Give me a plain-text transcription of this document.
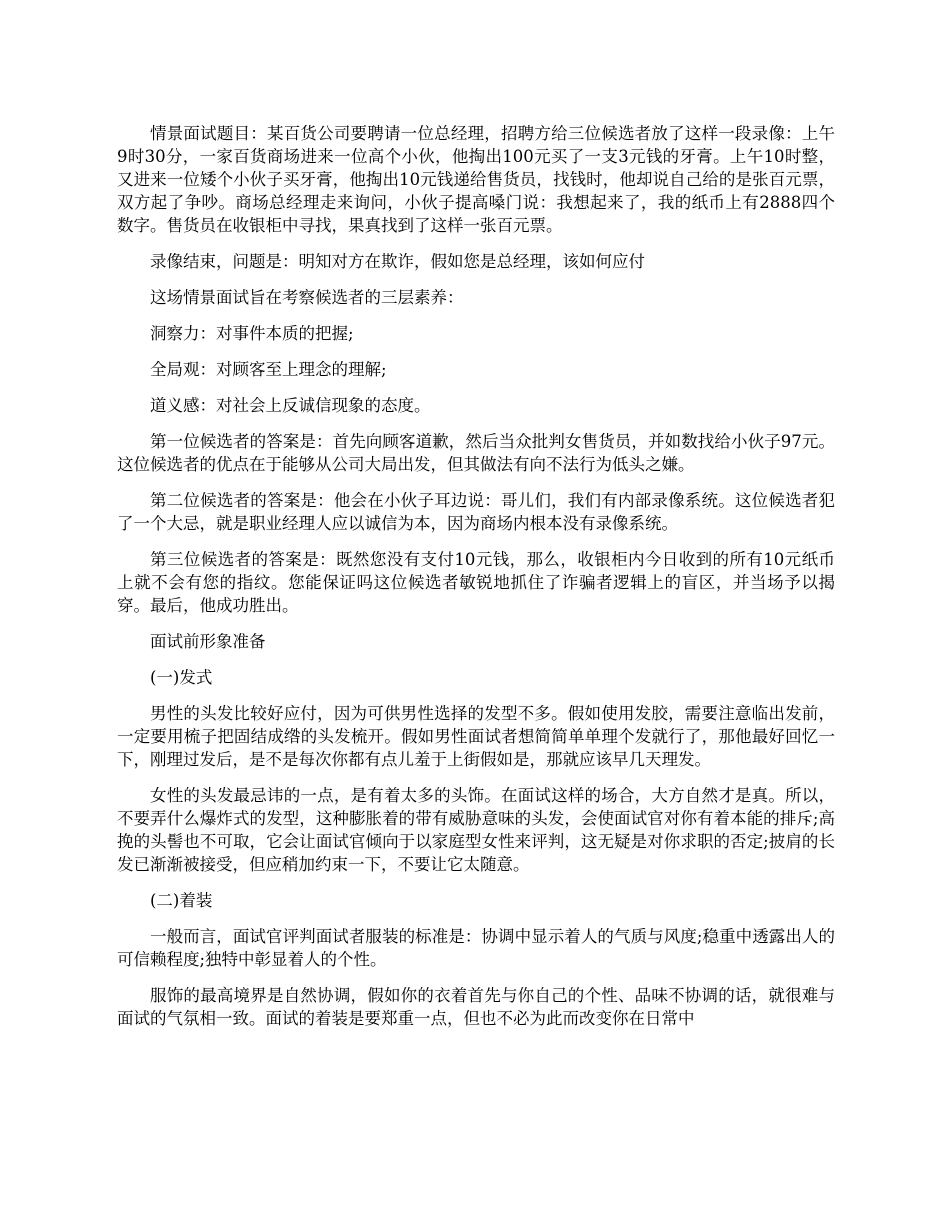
情景面试题目：某百货公司要聘请一位总经理，招聘方给三位候选者放了这样一段录像：上午9时30分，一家百货商场进来一位高个小伙，他掏出100元买了一支3元钱的牙膏。上午10时整，又进来一位矮个小伙子买牙膏，他掏出10元钱递给售货员，找钱时，他却说自己给的是张百元票，双方起了争吵。商场总经理走来询问，小伙子提高嗓门说：我想起来了，我的纸币上有2888四个数字。售货员在收银柜中寻找，果真找到了这样一张百元票。

录像结束，问题是：明知对方在欺诈，假如您是总经理，该如何应付

这场情景面试旨在考察候选者的三层素养：

洞察力：对事件本质的把握;

全局观：对顾客至上理念的理解;

道义感：对社会上反诚信现象的态度。

第一位候选者的答案是：首先向顾客道歉，然后当众批判女售货员，并如数找给小伙子97元。这位候选者的优点在于能够从公司大局出发，但其做法有向不法行为低头之嫌。

第二位候选者的答案是：他会在小伙子耳边说：哥儿们，我们有内部录像系统。这位候选者犯了一个大忌，就是职业经理人应以诚信为本，因为商场内根本没有录像系统。

第三位候选者的答案是：既然您没有支付10元钱，那么，收银柜内今日收到的所有10元纸币上就不会有您的指纹。您能保证吗这位候选者敏锐地抓住了诈骗者逻辑上的盲区，并当场予以揭穿。最后，他成功胜出。

面试前形象准备

(一)发式

男性的头发比较好应付，因为可供男性选择的发型不多。假如使用发胶，需要注意临出发前，一定要用梳子把固结成绺的头发梳开。假如男性面试者想简简单单理个发就行了，那他最好回忆一下，刚理过发后，是不是每次你都有点儿羞于上街假如是，那就应该早几天理发。

女性的头发最忌讳的一点，是有着太多的头饰。在面试这样的场合，大方自然才是真。所以，不要弄什么爆炸式的发型，这种膨胀着的带有威胁意味的头发，会使面试官对你有着本能的排斥;高挽的头髻也不可取，它会让面试官倾向于以家庭型女性来评判，这无疑是对你求职的否定;披肩的长发已渐渐被接受，但应稍加约束一下，不要让它太随意。

(二)着装

一般而言，面试官评判面试者服装的标准是：协调中显示着人的气质与风度;稳重中透露出人的可信赖程度;独特中彰显着人的个性。

服饰的最高境界是自然协调，假如你的衣着首先与你自己的个性、品味不协调的话，就很难与面试的气氛相一致。面试的着装是要郑重一点，但也不必为此而改变你在日常中
